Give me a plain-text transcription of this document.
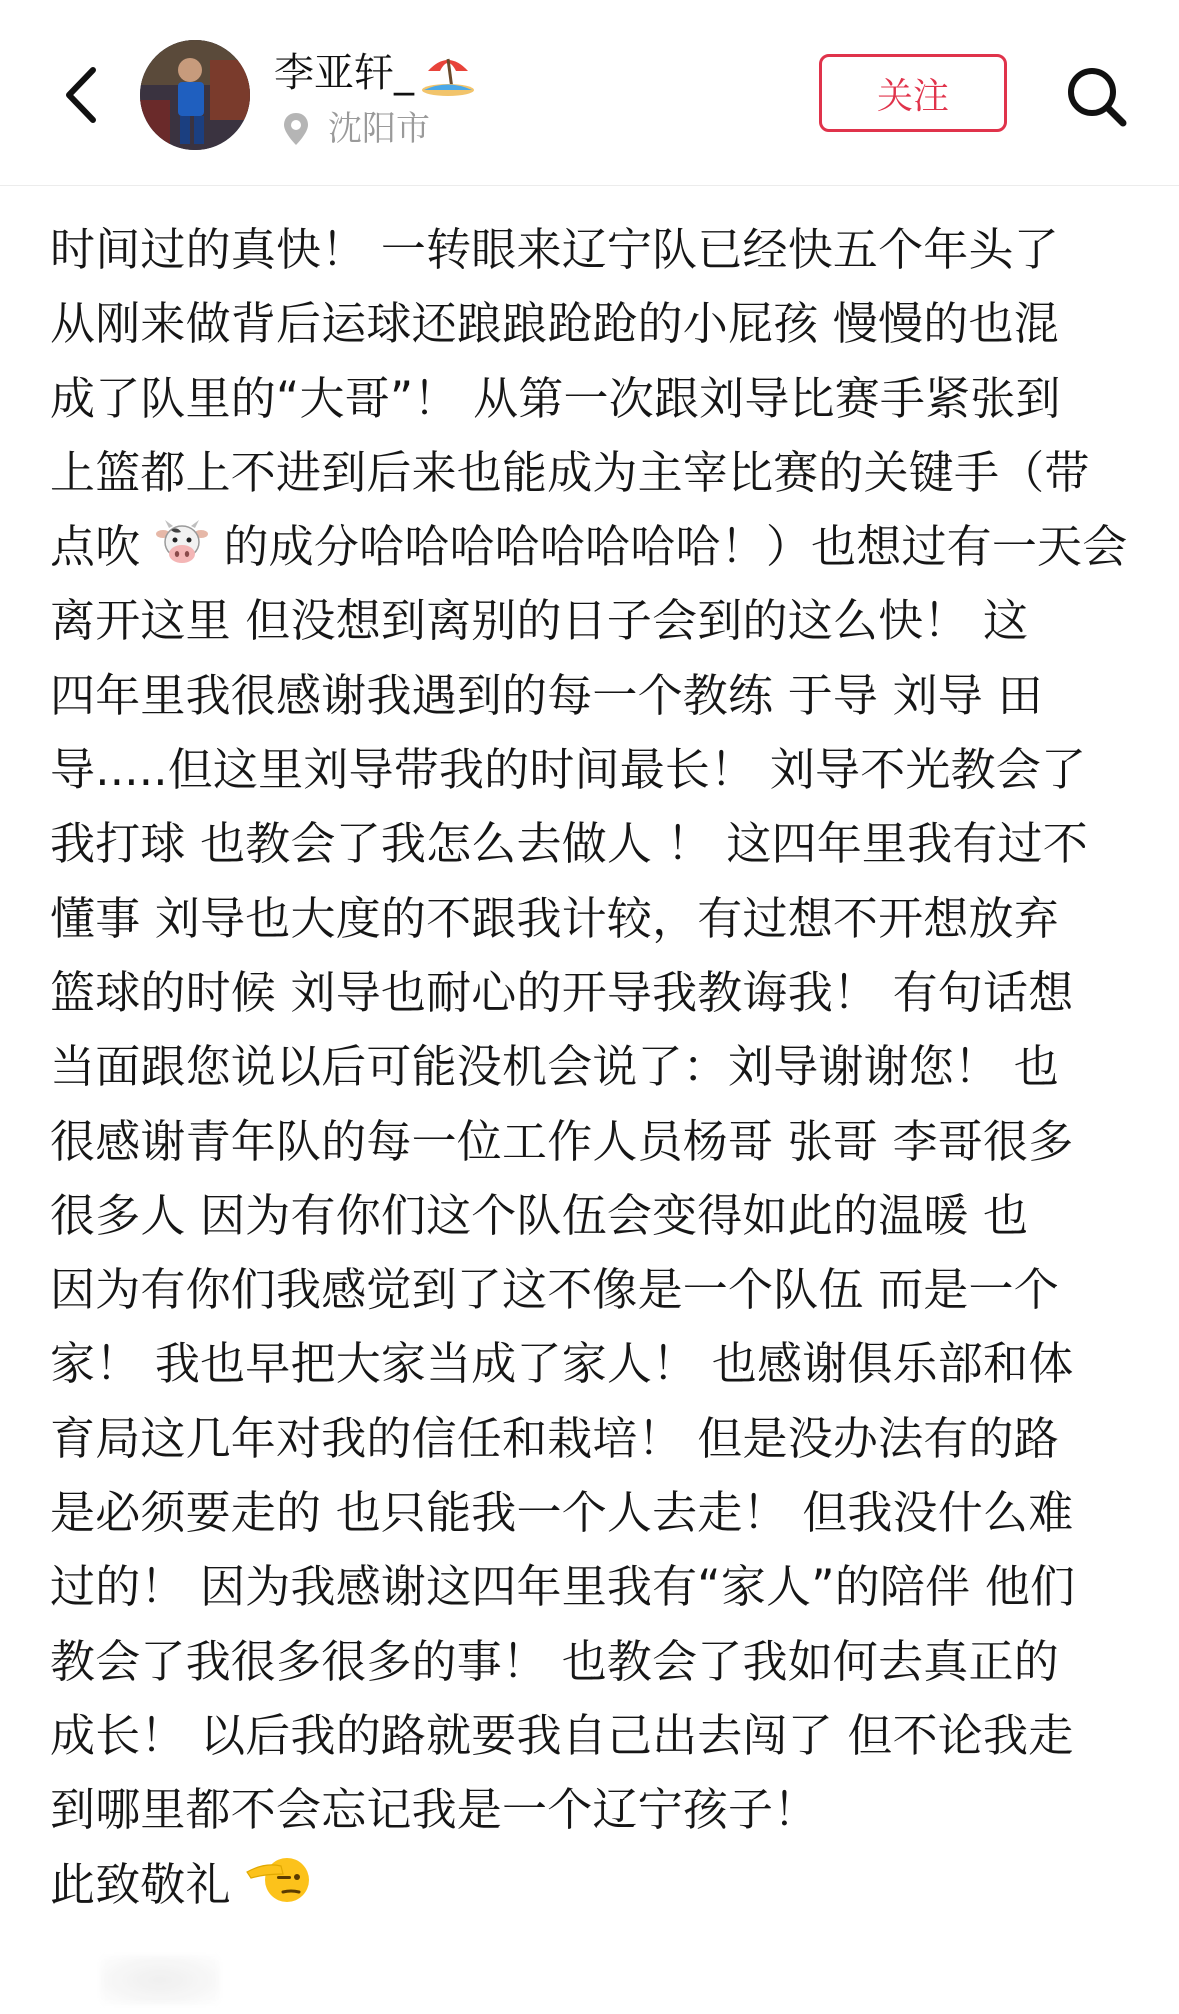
李亚轩_
沈阳市
关注
时间过的真快！ 一转眼来辽宁队已经快五个年头了
从刚来做背后运球还踉踉跄跄的小屁孩 慢慢的也混
成了队里的“大哥”！ 从第一次跟刘导比赛手紧张到
上篮都上不进到后来也能成为主宰比赛的关键手（带
点吹 的成分哈哈哈哈哈哈哈哈！）也想过有一天会
离开这里 但没想到离别的日子会到的这么快！ 这
四年里我很感谢我遇到的每一个教练 于导 刘导 田
导.....但这里刘导带我的时间最长！ 刘导不光教会了
我打球 也教会了我怎么去做人 ！ 这四年里我有过不
懂事 刘导也大度的不跟我计较，有过想不开想放弃
篮球的时候 刘导也耐心的开导我教诲我！ 有句话想
当面跟您说以后可能没机会说了：刘导谢谢您！ 也
很感谢青年队的每一位工作人员杨哥 张哥 李哥很多
很多人 因为有你们这个队伍会变得如此的温暖 也
因为有你们我感觉到了这不像是一个队伍 而是一个
家！ 我也早把大家当成了家人！ 也感谢俱乐部和体
育局这几年对我的信任和栽培！ 但是没办法有的路
是必须要走的 也只能我一个人去走！ 但我没什么难
过的！ 因为我感谢这四年里我有“家人”的陪伴 他们
教会了我很多很多的事！ 也教会了我如何去真正的
成长！ 以后我的路就要我自己出去闯了 但不论我走
到哪里都不会忘记我是一个辽宁孩子！
此致敬礼
